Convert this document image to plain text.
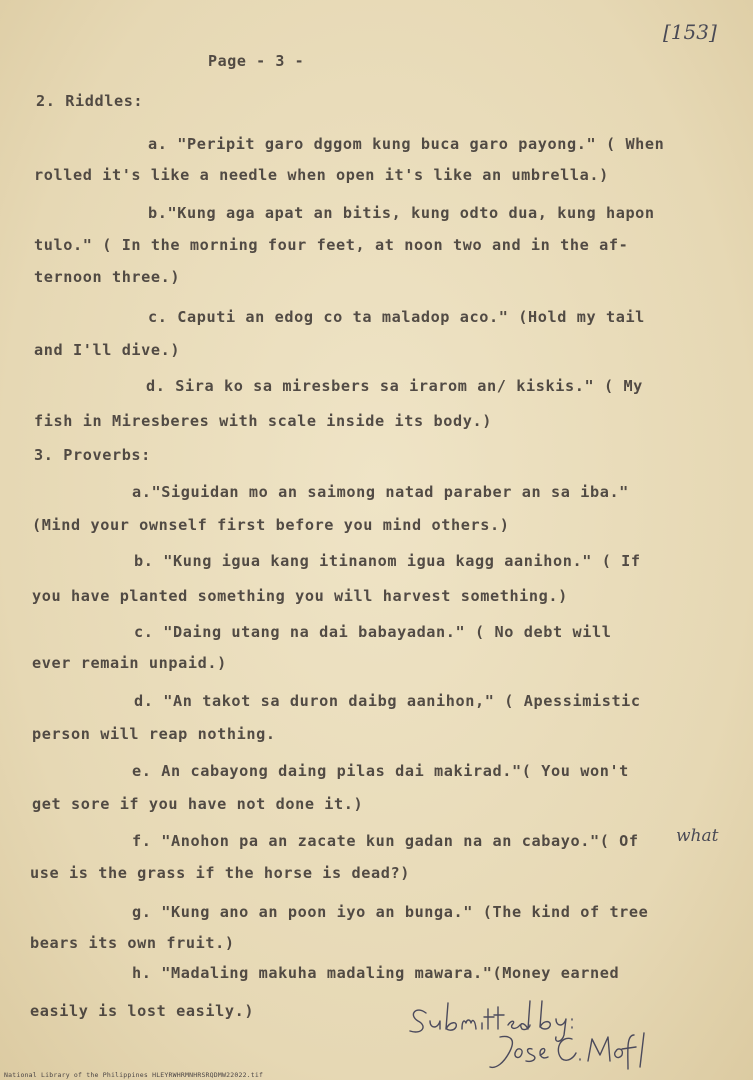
[153]
Page - 3 -
2. Riddles:
a. "Peripit garo dggom kung buca garo payong." ( When
rolled it's like a needle when open it's like an umbrella.)
b."Kung aga apat an bitis, kung odto dua, kung hapon
tulo." ( In the morning four feet, at noon two and in the af-
ternoon three.)
c. Caputi an edog co ta maladop aco." (Hold my tail
and I'll dive.)
d. Sira ko sa miresbers sa irarom an/ kiskis." ( My
fish in Miresberes with scale inside its body.)
3. Proverbs:
a."Siguidan mo an saimong natad paraber an sa iba."
(Mind your ownself first before you mind others.)
b. "Kung igua kang itinanom igua kagg aanihon." ( If
you have planted something you will harvest something.)
c. "Daing utang na dai babayadan." ( No debt will
ever remain unpaid.)
d. "An takot sa duron daibg aanihon," ( Apessimistic
person will reap nothing.
e. An cabayong daing pilas dai makirad."( You won't
get sore if you have not done it.)
f. "Anohon pa an zacate kun gadan na an cabayo."( Of what
use is the grass if the horse is dead?)
g. "Kung ano an poon iyo an bunga." (The kind of tree
bears its own fruit.)
h. "Madaling makuha madaling mawara."(Money earned
easily is lost easily.)
National Library of the Philippines HLEYRWHRMNHRSRQDMW22022.tif
